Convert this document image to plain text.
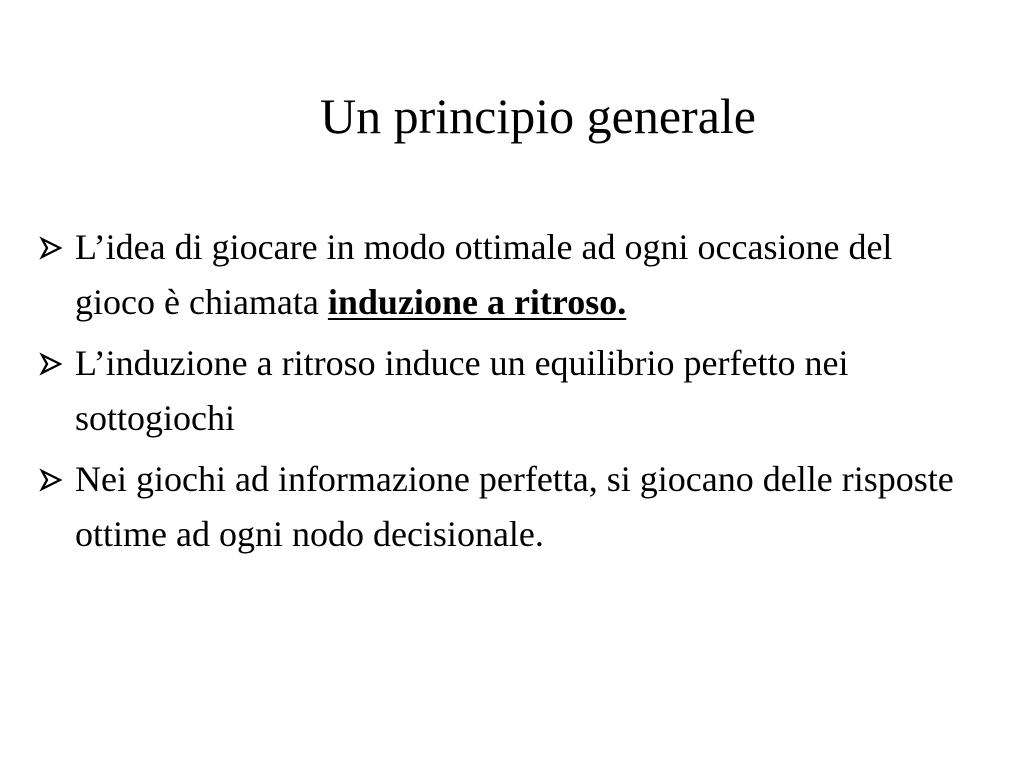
Un principio generale
L’idea di giocare in modo ottimale ad ogni occasione del gioco è chiamata induzione a ritroso.
L’induzione a ritroso induce un equilibrio perfetto nei sottogiochi
Nei giochi ad informazione perfetta, si giocano delle risposte ottime ad ogni nodo decisionale.
